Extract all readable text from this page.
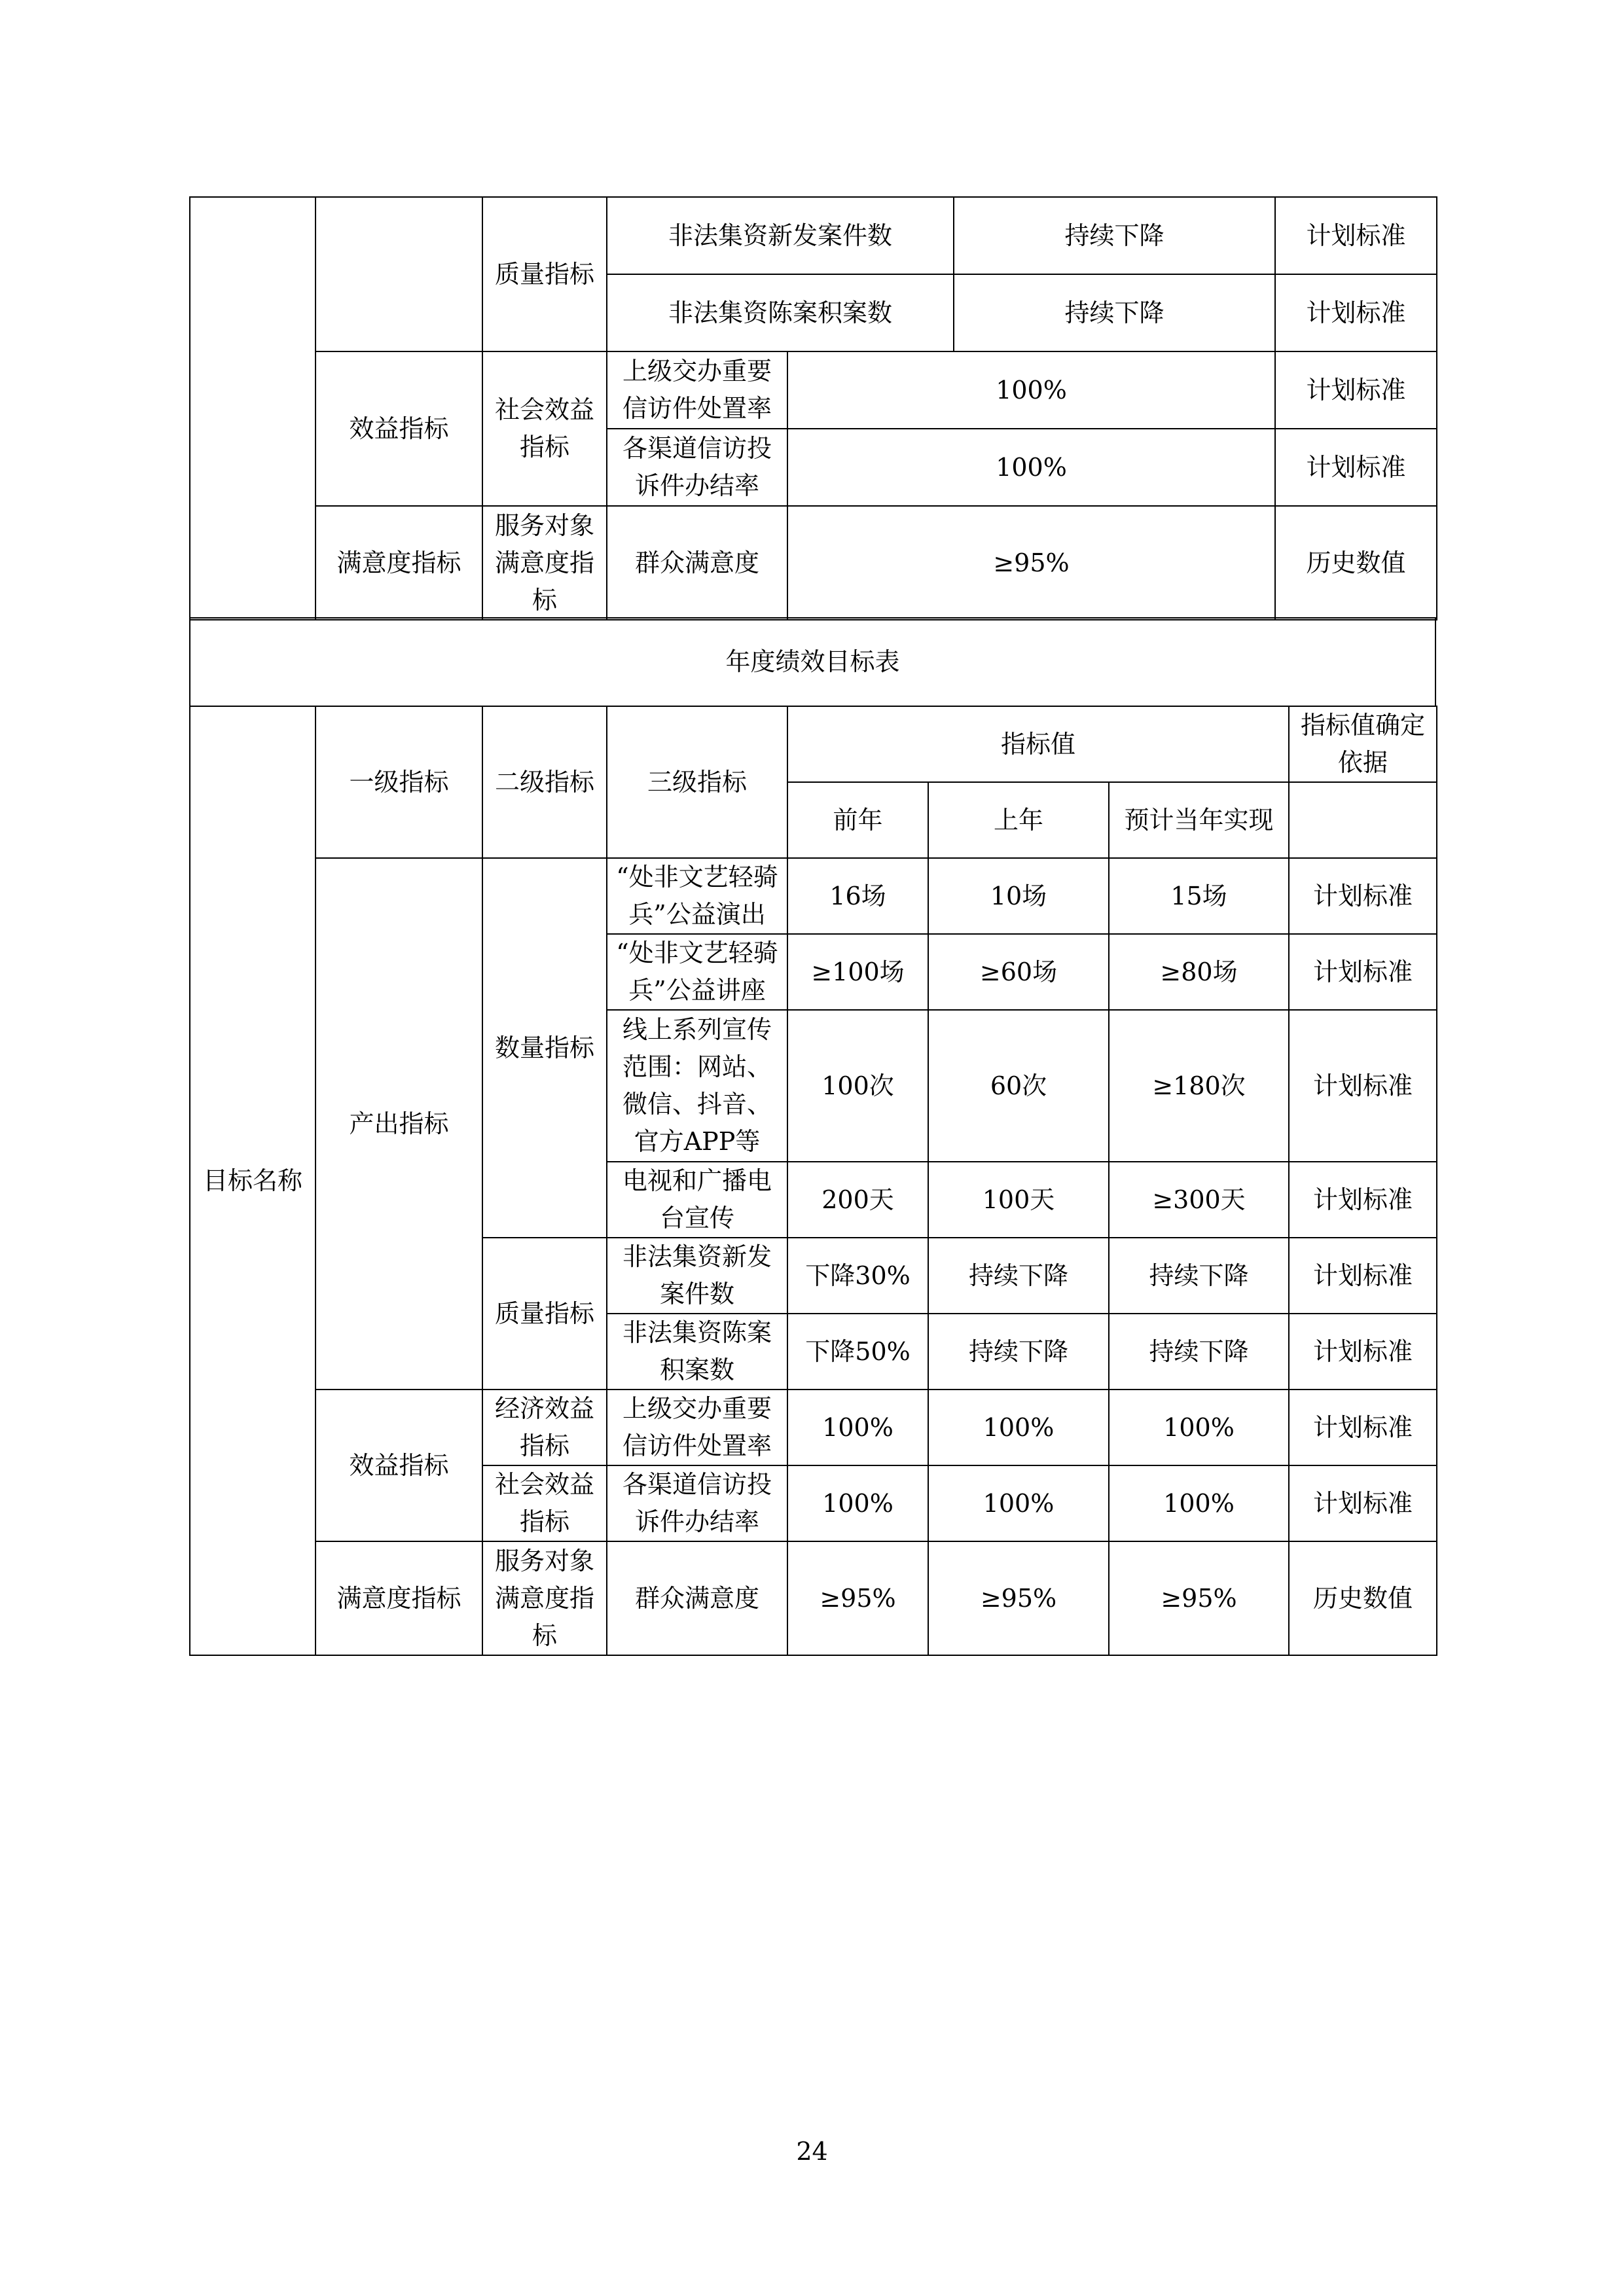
		质量指标	非法集资新发案件数		持续下降	计划标准
			非法集资陈案积案数		持续下降	计划标准
	效益指标	社会效益指标	上级交办重要信访件处置率	100%		计划标准
			各渠道信访投诉件办结率	100%		计划标准
	满意度指标	服务对象满意度指标	群众满意度	≥95%		历史数值
年度绩效目标表
目标名称	一级指标	二级指标	三级指标	指标值			指标值确定依据
				前年	上年	预计当年实现	
	产出指标	数量指标	“处非文艺轻骑兵”公益演出	16场	10场	15场	计划标准
			“处非文艺轻骑兵”公益讲座	≥100场	≥60场	≥80场	计划标准
			线上系列宣传范围：网站、微信、抖音、官方APP等	100次	60次	≥180次	计划标准
			电视和广播电台宣传	200天	100天	≥300天	计划标准
		质量指标	非法集资新发案件数	下降30%	持续下降	持续下降	计划标准
			非法集资陈案积案数	下降50%	持续下降	持续下降	计划标准
	效益指标	经济效益指标	上级交办重要信访件处置率	100%	100%	100%	计划标准
		社会效益指标	各渠道信访投诉件办结率	100%	100%	100%	计划标准
	满意度指标	服务对象满意度指标	群众满意度	≥95%	≥95%	≥95%	历史数值
24
